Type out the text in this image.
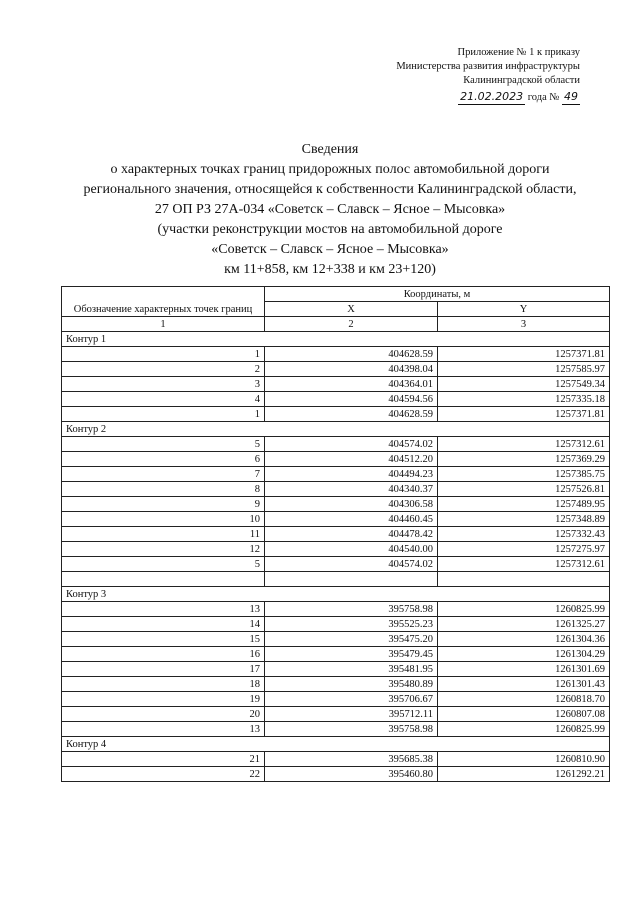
Приложение № 1 к приказу
Министерства развития инфраструктуры
Калининградской области
21.02.2023 года № 49
Сведения
о характерных точках границ придорожных полос автомобильной дороги
регионального значения, относящейся к собственности Калининградской области,
27 ОП РЗ 27А-034 «Советск – Славск – Ясное – Мысовка»
(участки реконструкции мостов на автомобильной дороге
«Советск – Славск – Ясное – Мысовка»
км 11+858, км 12+338 и км 23+120)
Обозначение характерных точек границ	Координаты, м	
	X	Y
1	2	3
Контур 1		
1	404628.59	1257371.81
2	404398.04	1257585.97
3	404364.01	1257549.34
4	404594.56	1257335.18
1	404628.59	1257371.81
Контур 2		
5	404574.02	1257312.61
6	404512.20	1257369.29
7	404494.23	1257385.75
8	404340.37	1257526.81
9	404306.58	1257489.95
10	404460.45	1257348.89
11	404478.42	1257332.43
12	404540.00	1257275.97
5	404574.02	1257312.61

Контур 3		
13	395758.98	1260825.99
14	395525.23	1261325.27
15	395475.20	1261304.36
16	395479.45	1261304.29
17	395481.95	1261301.69
18	395480.89	1261301.43
19	395706.67	1260818.70
20	395712.11	1260807.08
13	395758.98	1260825.99
Контур 4		
21	395685.38	1260810.90
22	395460.80	1261292.21
